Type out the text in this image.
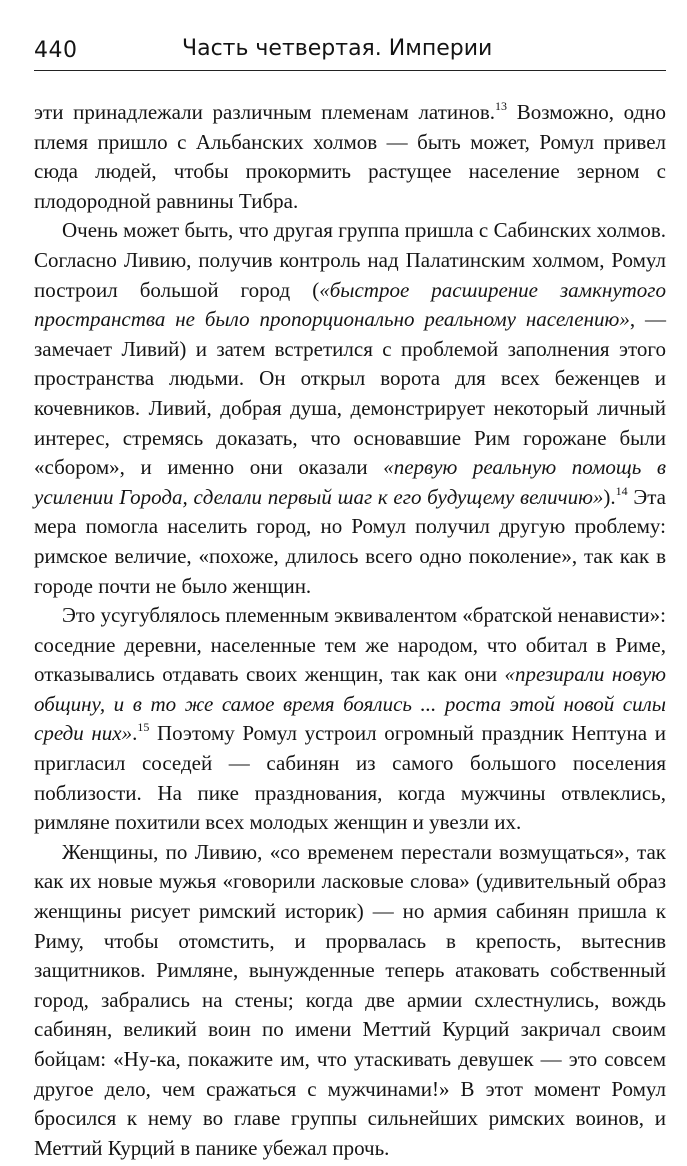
440	Часть четвертая. Империи

эти принадлежали различным племенам латинов.$^{13}$ Возможно, одно племя пришло с Альбанских холмов — быть может, Ромул привел сюда людей, чтобы прокормить растущее население зерном с плодородной равнины Тибра.

Очень может быть, что другая группа пришла с Сабинских холмов. Согласно Ливию, получив контроль над Палатинским холмом, Ромул построил большой город («быстрое расширение замкнутого пространства не было пропорционально реальному населению», — замечает Ливий) и затем встретился с проблемой заполнения этого пространства людьми. Он открыл ворота для всех беженцев и кочевников. Ливий, добрая душа, демонстрирует некоторый личный интерес, стремясь доказать, что основавшие Рим горожане были «сбором», и именно они оказали «первую реальную помощь в усилении Города, сделали первый шаг к его будущему величию»).$^{14}$ Эта мера помогла населить город, но Ромул получил другую проблему: римское величие, «похоже, длилось всего одно поколение», так как в городе почти не было женщин.

Это усугублялось племенным эквивалентом «братской ненависти»: соседние деревни, населенные тем же народом, что обитал в Риме, отказывались отдавать своих женщин, так как они «презирали новую общину, и в то же самое время боялись ... роста этой новой силы среди них».$^{15}$ Поэтому Ромул устроил огромный праздник Нептуна и пригласил соседей — сабинян из самого большого поселения поблизости. На пике празднования, когда мужчины отвлеклись, римляне похитили всех молодых женщин и увезли их.

Женщины, по Ливию, «со временем перестали возмущаться», так как их новые мужья «говорили ласковые слова» (удивительный образ женщины рисует римский историк) — но армия сабинян пришла к Риму, чтобы отомстить, и прорвалась в крепость, вытеснив защитников. Римляне, вынужденные теперь атаковать собственный город, забрались на стены; когда две армии схлестнулись, вождь сабинян, великий воин по имени Меттий Курций закричал своим бойцам: «Ну-ка, покажите им, что утаскивать девушек — это совсем другое дело, чем сражаться с мужчинами!» В этот момент Ромул бросился к нему во главе группы сильнейших римских воинов, и Меттий Курций в панике убежал прочь.
